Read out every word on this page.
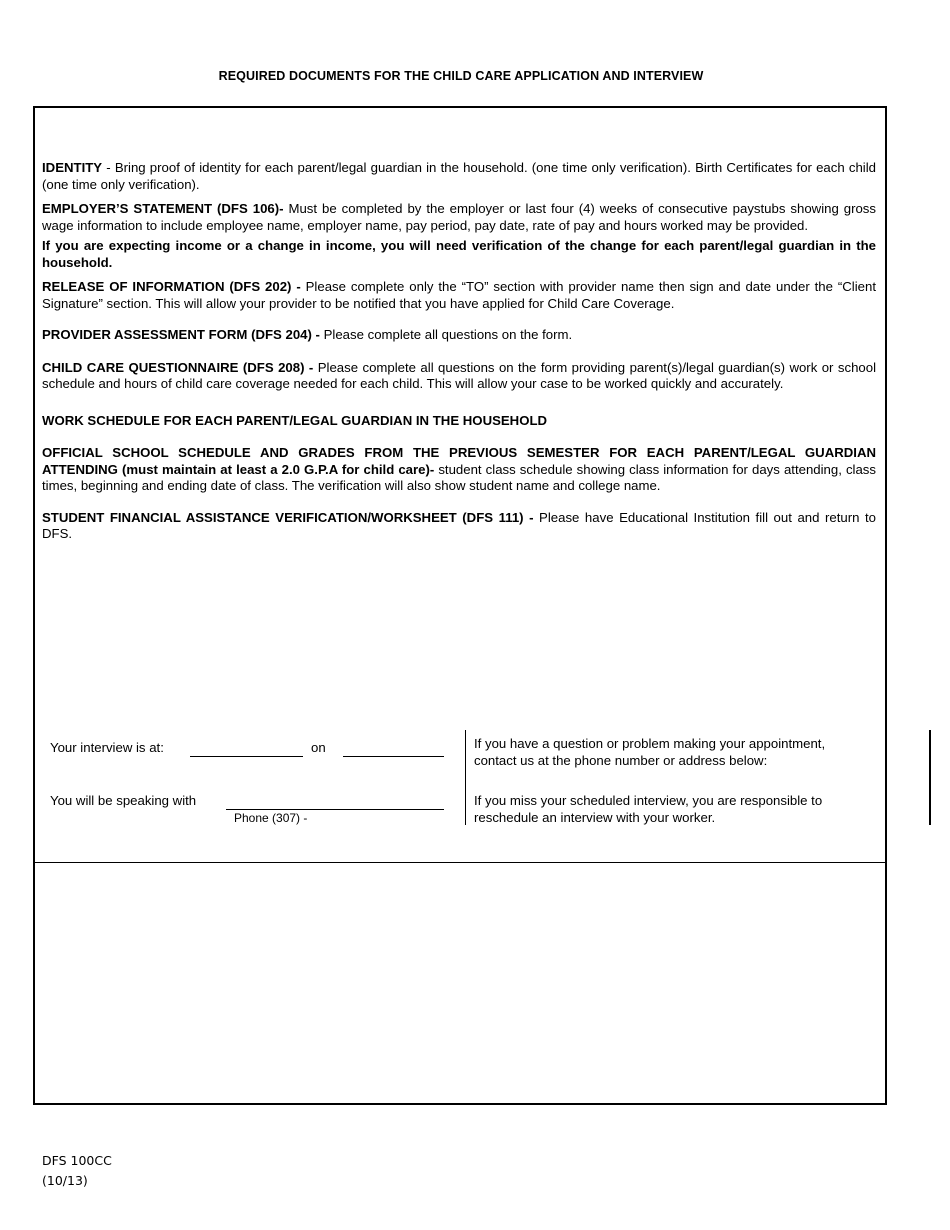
REQUIRED DOCUMENTS FOR THE CHILD CARE APPLICATION AND INTERVIEW

IDENTITY - Bring proof of identity for each parent/legal guardian in the household. (one time only verification). Birth Certificates for each child (one time only verification).

EMPLOYER’S STATEMENT (DFS 106)- Must be completed by the employer or last four (4) weeks of consecutive paystubs showing gross wage information to include employee name, employer name, pay period, pay date, rate of pay and hours worked may be provided.

If you are expecting income or a change in income, you will need verification of the change for each parent/legal guardian in the household.

RELEASE OF INFORMATION (DFS 202) - Please complete only the “TO” section with provider name then sign and date under the “Client Signature” section. This will allow your provider to be notified that you have applied for Child Care Coverage.

PROVIDER ASSESSMENT FORM (DFS 204) - Please complete all questions on the form.

CHILD CARE QUESTIONNAIRE (DFS 208) - Please complete all questions on the form providing parent(s)/legal guardian(s) work or school schedule and hours of child care coverage needed for each child. This will allow your case to be worked quickly and accurately.

WORK SCHEDULE FOR EACH PARENT/LEGAL GUARDIAN IN THE HOUSEHOLD

OFFICIAL SCHOOL SCHEDULE AND GRADES FROM THE PREVIOUS SEMESTER FOR EACH PARENT/LEGAL GUARDIAN ATTENDING (must maintain at least a 2.0 G.P.A for child care)- student class schedule showing class information for days attending, class times, beginning and ending date of class. The verification will also show student name and college name.

STUDENT FINANCIAL ASSISTANCE VERIFICATION/WORKSHEET (DFS 111) - Please have Educational Institution fill out and return to DFS.

Your interview is at:	on
You will be speaking with
Phone (307) -
If you have a question or problem making your appointment, contact us at the phone number or address below:
If you miss your scheduled interview, you are responsible to reschedule an interview with your worker.
DFS 100CC
(10/13)
